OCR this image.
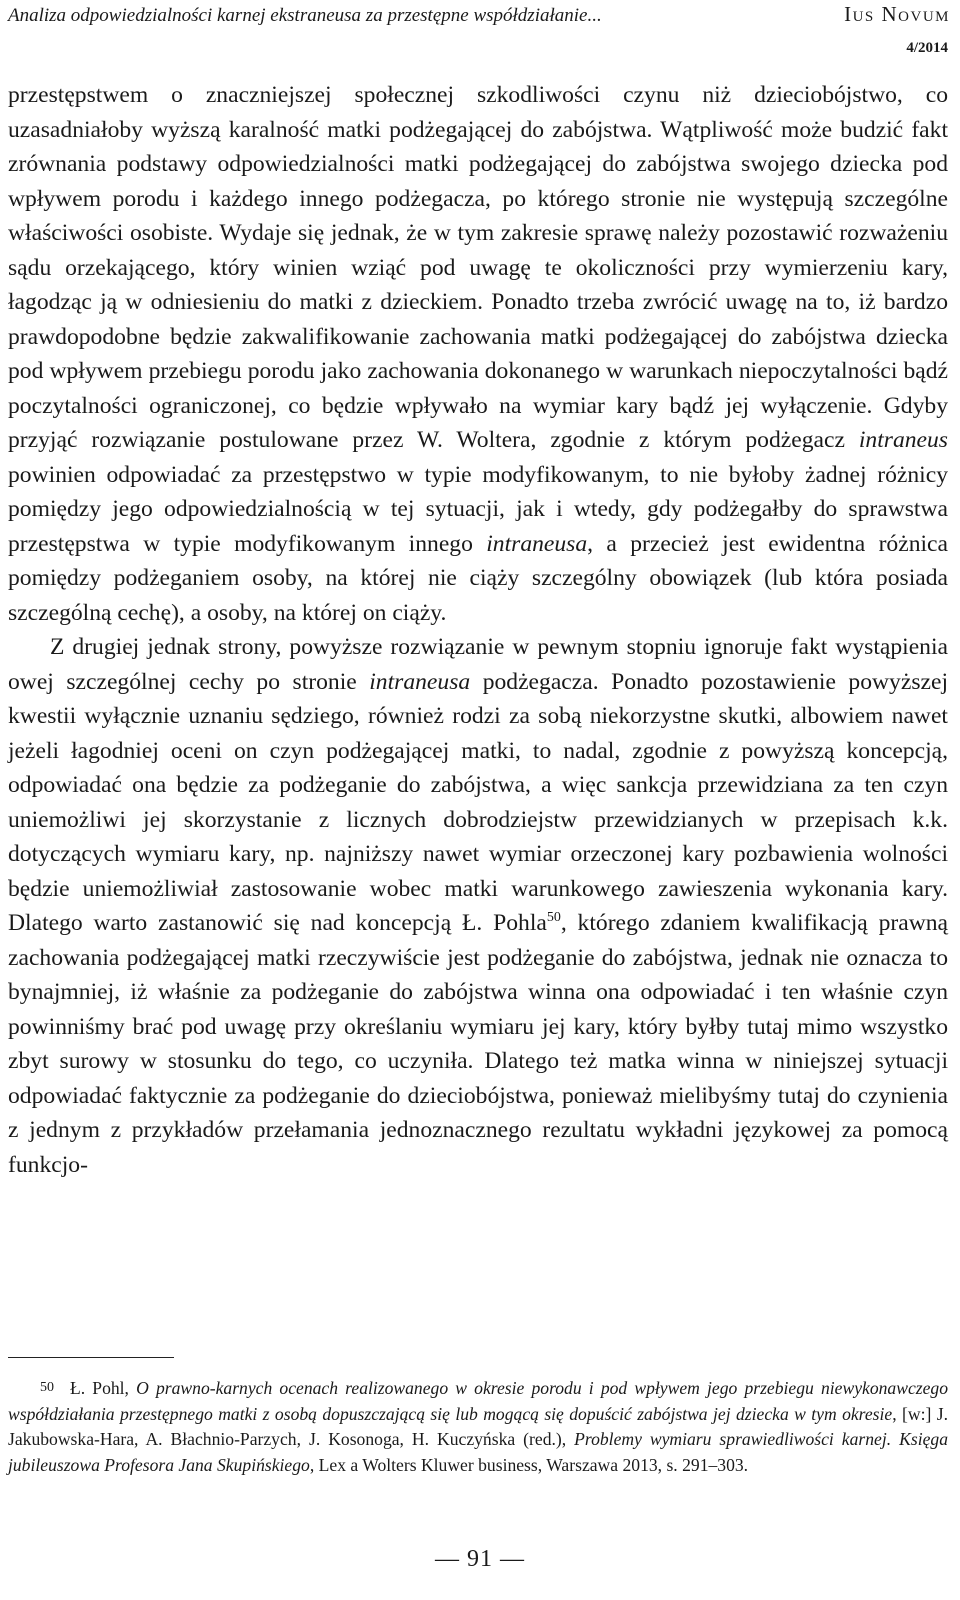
Analiza odpowiedzialności karnej ekstraneusa za przestępne współdziałanie...	Ius Novum
4/2014

przestępstwem o znaczniejszej społecznej szkodliwości czynu niż dzieciobójstwo, co uzasadniałoby wyższą karalność matki podżegającej do zabójstwa. Wątpliwość może budzić fakt zrównania podstawy odpowiedzialności matki podżegającej do zabójstwa swojego dziecka pod wpływem porodu i każdego innego podżegacza, po którego stronie nie występują szczególne właściwości osobiste. Wydaje się jednak, że w tym zakresie sprawę należy pozostawić rozważeniu sądu orzekającego, który winien wziąć pod uwagę te okoliczności przy wymierzeniu kary, łagodząc ją w odniesieniu do matki z dzieckiem. Ponadto trzeba zwrócić uwagę na to, iż bardzo prawdopodobne będzie zakwalifikowanie zachowania matki podżegającej do zabójstwa dziecka pod wpływem przebiegu porodu jako zachowania dokonanego w warunkach niepoczytalności bądź poczytalności ograniczonej, co będzie wpływało na wymiar kary bądź jej wyłączenie. Gdyby przyjąć rozwiązanie postulowane przez W. Woltera, zgodnie z którym podżegacz intraneus powinien odpowiadać za przestępstwo w typie modyfikowanym, to nie byłoby żadnej różnicy pomiędzy jego odpowiedzialnością w tej sytuacji, jak i wtedy, gdy podżegałby do sprawstwa przestępstwa w typie modyfikowanym innego intraneusa, a przecież jest ewidentna różnica pomiędzy podżeganiem osoby, na której nie ciąży szczególny obowiązek (lub która posiada szczególną cechę), a osoby, na której on ciąży.

Z drugiej jednak strony, powyższe rozwiązanie w pewnym stopniu ignoruje fakt wystąpienia owej szczególnej cechy po stronie intraneusa podżegacza. Ponadto pozostawienie powyższej kwestii wyłącznie uznaniu sędziego, również rodzi za sobą niekorzystne skutki, albowiem nawet jeżeli łagodniej oceni on czyn podżegającej matki, to nadal, zgodnie z powyższą koncepcją, odpowiadać ona będzie za podżeganie do zabójstwa, a więc sankcja przewidziana za ten czyn uniemożliwi jej skorzystanie z licznych dobrodziejstw przewidzianych w przepisach k.k. dotyczących wymiaru kary, np. najniższy nawet wymiar orzeczonej kary pozbawienia wolności będzie uniemożliwiał zastosowanie wobec matki warunkowego zawieszenia wykonania kary. Dlatego warto zastanowić się nad koncepcją Ł. Pohla$^{50}$, którego zdaniem kwalifikacją prawną zachowania podżegającej matki rzeczywiście jest podżeganie do zabójstwa, jednak nie oznacza to bynajmniej, iż właśnie za podżeganie do zabójstwa winna ona odpowiadać i ten właśnie czyn powinniśmy brać pod uwagę przy określaniu wymiaru jej kary, który byłby tutaj mimo wszystko zbyt surowy w stosunku do tego, co uczyniła. Dlatego też matka winna w niniejszej sytuacji odpowiadać faktycznie za podżeganie do dzieciobójstwa, ponieważ mielibyśmy tutaj do czynienia z jednym z przykładów przełamania jednoznacznego rezultatu wykładni językowej za pomocą funkcjo-

50 Ł. Pohl, O prawno-karnych ocenach realizowanego w okresie porodu i pod wpływem jego przebiegu niewykonawczego współdziałania przestępnego matki z osobą dopuszczającą się lub mogącą się dopuścić zabójstwa jej dziecka w tym okresie, [w:] J. Jakubowska-Hara, A. Błachnio-Parzych, J. Kosonoga, H. Kuczyńska (red.), Problemy wymiaru sprawiedliwości karnej. Księga jubileuszowa Profesora Jana Skupińskiego, Lex a Wolters Kluwer business, Warszawa 2013, s. 291–303.

— 91 —
